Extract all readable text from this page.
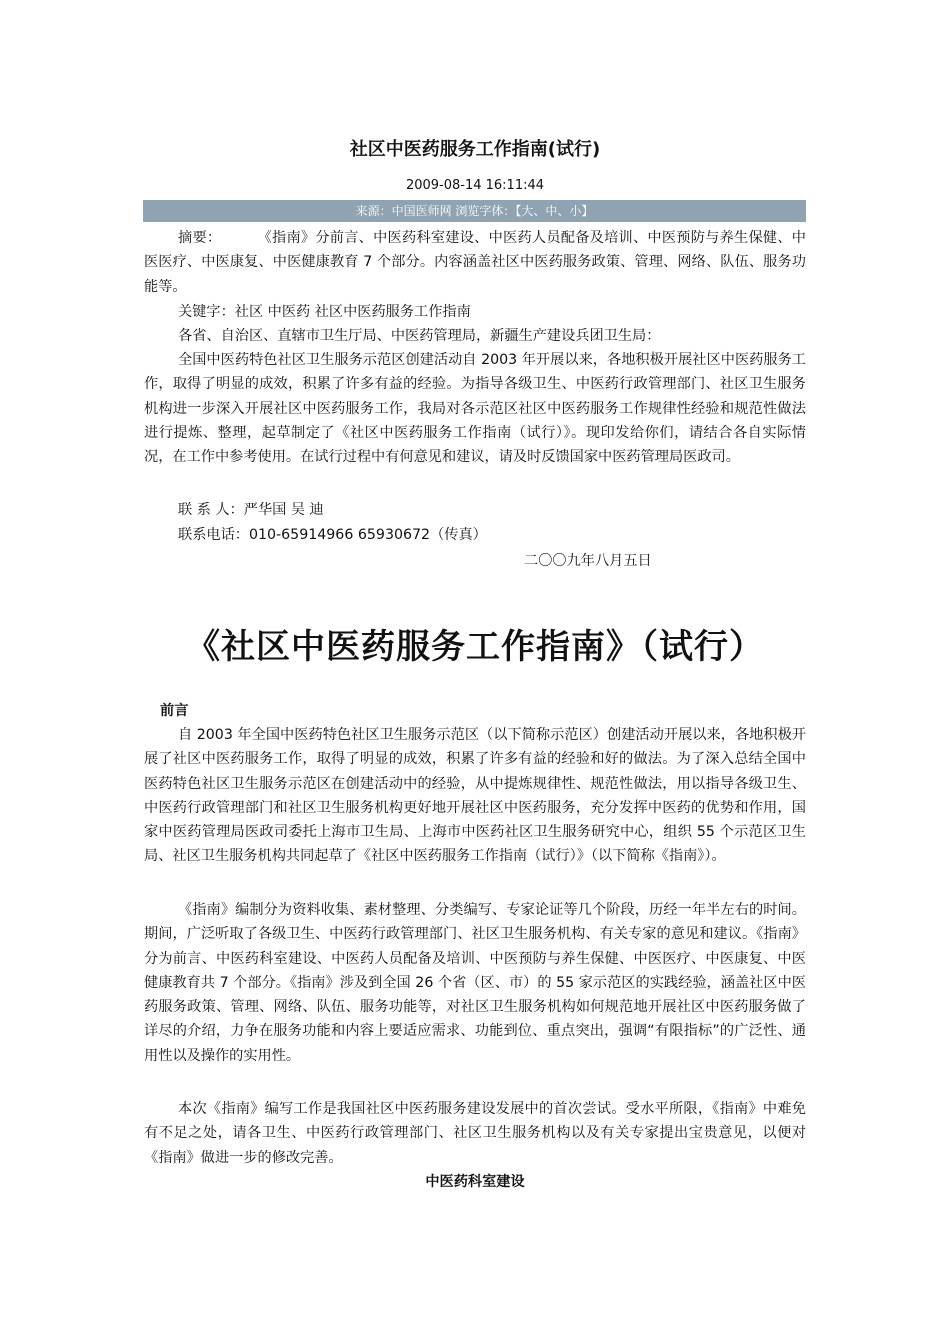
社区中医药服务工作指南(试行)
2009-08-14 16:11:44
来源：中国医师网 浏览字体：【大、中、小】

摘要：	《指南》分前言、中医药科室建设、中医药人员配备及培训、中医预防与养生保健、中医医疗、中医康复、中医健康教育 7 个部分。内容涵盖社区中医药服务政策、管理、网络、队伍、服务功能等。

关键字：社区 中医药 社区中医药服务工作指南

各省、自治区、直辖市卫生厅局、中医药管理局，新疆生产建设兵团卫生局：

全国中医药特色社区卫生服务示范区创建活动自 2003 年开展以来，各地积极开展社区中医药服务工作，取得了明显的成效，积累了许多有益的经验。为指导各级卫生、中医药行政管理部门、社区卫生服务机构进一步深入开展社区中医药服务工作，我局对各示范区社区中医药服务工作规律性经验和规范性做法进行提炼、整理，起草制定了《社区中医药服务工作指南（试行）》。现印发给你们，请结合各自实际情况，在工作中参考使用。在试行过程中有何意见和建议，请及时反馈国家中医药管理局医政司。

联 系 人：严华国 吴 迪

联系电话：010-65914966 65930672（传真）

二〇〇九年八月五日
《社区中医药服务工作指南》（试行）
前言

自 2003 年全国中医药特色社区卫生服务示范区（以下简称示范区）创建活动开展以来，各地积极开展了社区中医药服务工作，取得了明显的成效，积累了许多有益的经验和好的做法。为了深入总结全国中医药特色社区卫生服务示范区在创建活动中的经验，从中提炼规律性、规范性做法，用以指导各级卫生、中医药行政管理部门和社区卫生服务机构更好地开展社区中医药服务，充分发挥中医药的优势和作用，国家中医药管理局医政司委托上海市卫生局、上海市中医药社区卫生服务研究中心，组织 55 个示范区卫生局、社区卫生服务机构共同起草了《社区中医药服务工作指南（试行）》（以下简称《指南》）。

《指南》编制分为资料收集、素材整理、分类编写、专家论证等几个阶段，历经一年半左右的时间。期间，广泛听取了各级卫生、中医药行政管理部门、社区卫生服务机构、有关专家的意见和建议。《指南》分为前言、中医药科室建设、中医药人员配备及培训、中医预防与养生保健、中医医疗、中医康复、中医健康教育共 7 个部分。《指南》涉及到全国 26 个省（区、市）的 55 家示范区的实践经验，涵盖社区中医药服务政策、管理、网络、队伍、服务功能等，对社区卫生服务机构如何规范地开展社区中医药服务做了详尽的介绍，力争在服务功能和内容上要适应需求、功能到位、重点突出，强调“有限指标”的广泛性、通用性以及操作的实用性。

本次《指南》编写工作是我国社区中医药服务建设发展中的首次尝试。受水平所限，《指南》中难免有不足之处，请各卫生、中医药行政管理部门、社区卫生服务机构以及有关专家提出宝贵意见，以便对《指南》做进一步的修改完善。

中医药科室建设
